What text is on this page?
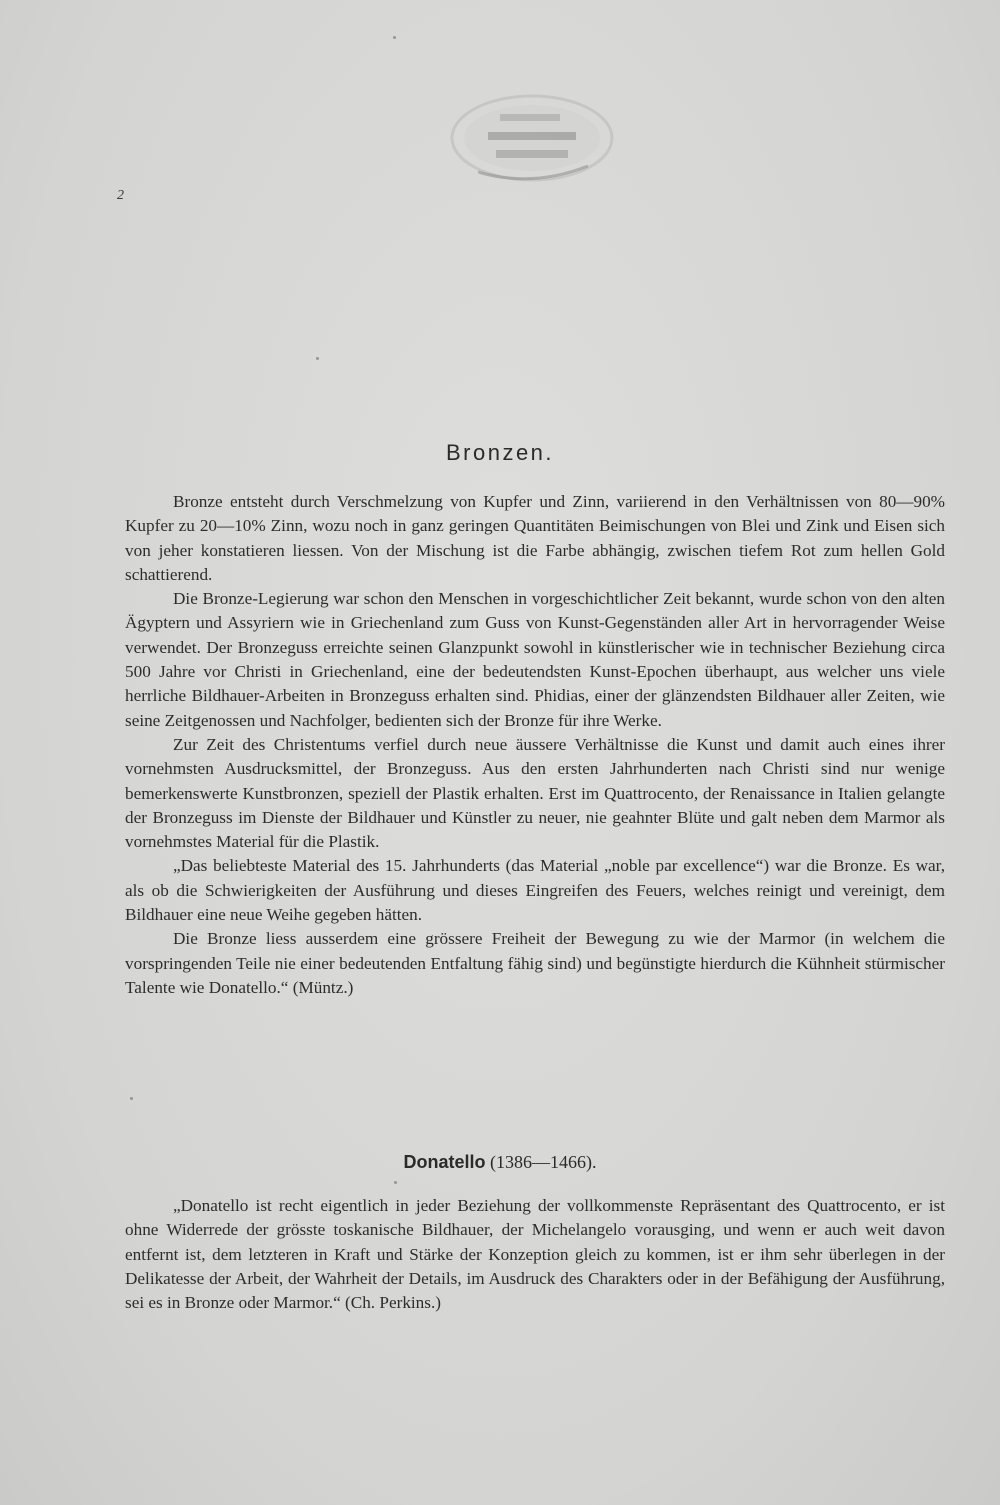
2
Bronzen.

Bronze entsteht durch Verschmelzung von Kupfer und Zinn, variierend in den Verhältnissen von 80—90% Kupfer zu 20—10% Zinn, wozu noch in ganz geringen Quantitäten Beimischungen von Blei und Zink und Eisen sich von jeher konstatieren liessen. Von der Mischung ist die Farbe abhängig, zwischen tiefem Rot zum hellen Gold schattierend.

Die Bronze-Legierung war schon den Menschen in vorgeschichtlicher Zeit bekannt, wurde schon von den alten Ägyptern und Assyriern wie in Griechenland zum Guss von Kunst-Gegenständen aller Art in hervorragender Weise verwendet. Der Bronzeguss erreichte seinen Glanzpunkt sowohl in künstlerischer wie in technischer Beziehung circa 500 Jahre vor Christi in Griechenland, eine der bedeutendsten Kunst-Epochen überhaupt, aus welcher uns viele herrliche Bildhauer-Arbeiten in Bronzeguss erhalten sind. Phidias, einer der glänzendsten Bildhauer aller Zeiten, wie seine Zeitgenossen und Nachfolger, bedienten sich der Bronze für ihre Werke.

Zur Zeit des Christentums verfiel durch neue äussere Verhältnisse die Kunst und damit auch eines ihrer vornehmsten Ausdrucksmittel, der Bronzeguss. Aus den ersten Jahrhunderten nach Christi sind nur wenige bemerkenswerte Kunstbronzen, speziell der Plastik erhalten. Erst im Quattrocento, der Renaissance in Italien gelangte der Bronzeguss im Dienste der Bildhauer und Künstler zu neuer, nie geahnter Blüte und galt neben dem Marmor als vornehmstes Material für die Plastik.

„Das beliebteste Material des 15. Jahrhunderts (das Material „noble par excellence“) war die Bronze. Es war, als ob die Schwierigkeiten der Ausführung und dieses Eingreifen des Feuers, welches reinigt und vereinigt, dem Bildhauer eine neue Weihe gegeben hätten.

Die Bronze liess ausserdem eine grössere Freiheit der Bewegung zu wie der Marmor (in welchem die vorspringenden Teile nie einer bedeutenden Entfaltung fähig sind) und begünstigte hierdurch die Kühnheit stürmischer Talente wie Donatello.“ (Müntz.)

Donatello (1386—1466).

„Donatello ist recht eigentlich in jeder Beziehung der vollkommenste Repräsentant des Quattrocento, er ist ohne Widerrede der grösste toskanische Bildhauer, der Michelangelo vorausging, und wenn er auch weit davon entfernt ist, dem letzteren in Kraft und Stärke der Konzeption gleich zu kommen, ist er ihm sehr überlegen in der Delikatesse der Arbeit, der Wahrheit der Details, im Ausdruck des Charakters oder in der Befähigung der Ausführung, sei es in Bronze oder Marmor.“ (Ch. Perkins.)
